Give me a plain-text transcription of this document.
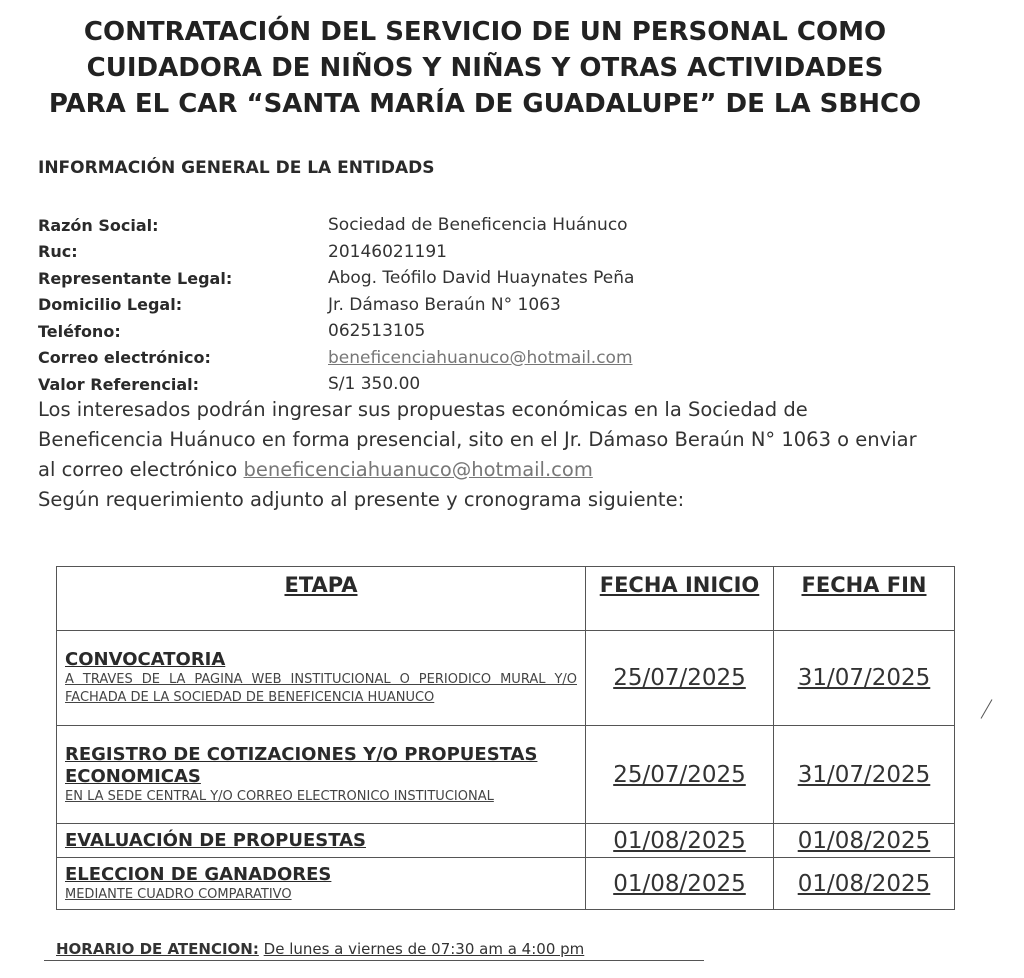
CONTRATACIÓN DEL SERVICIO DE UN PERSONAL COMO
CUIDADORA DE NIÑOS Y NIÑAS Y OTRAS ACTIVIDADES
PARA EL CAR “SANTA MARÍA DE GUADALUPE” DE LA SBHCO
INFORMACIÓN GENERAL DE LA ENTIDADS
Razón Social:	Sociedad de Beneficencia Huánuco
Ruc:	20146021191
Representante Legal:	Abog. Teófilo David Huaynates Peña
Domicilio Legal:	Jr. Dámaso Beraún N° 1063
Teléfono:	062513105
Correo electrónico:	beneficenciahuanuco@hotmail.com
Valor Referencial:	S/1 350.00
Los interesados podrán ingresar sus propuestas económicas en la Sociedad de Beneficencia Huánuco en forma presencial, sito en el Jr. Dámaso Beraún N° 1063 o enviar al correo electrónico beneficenciahuanuco@hotmail.com
Según requerimiento adjunto al presente y cronograma siguiente:
ETAPA	FECHA INICIO	FECHA FIN

CONVOCATORIA
A TRAVES DE LA PAGINA WEB INSTITUCIONAL O PERIODICO MURAL Y/O FACHADA DE LA SOCIEDAD DE BENEFICENCIA HUANUCO	25/07/2025	31/07/2025

REGISTRO DE COTIZACIONES Y/O PROPUESTAS ECONOMICAS
EN LA SEDE CENTRAL Y/O CORREO ELECTRONICO INSTITUCIONAL	25/07/2025	31/07/2025

EVALUACIÓN DE PROPUESTAS	01/08/2025	01/08/2025

ELECCION DE GANADORES
MEDIANTE CUADRO COMPARATIVO	01/08/2025	01/08/2025
HORARIO DE ATENCION: De lunes a viernes de 07:30 am a 4:00 pm
